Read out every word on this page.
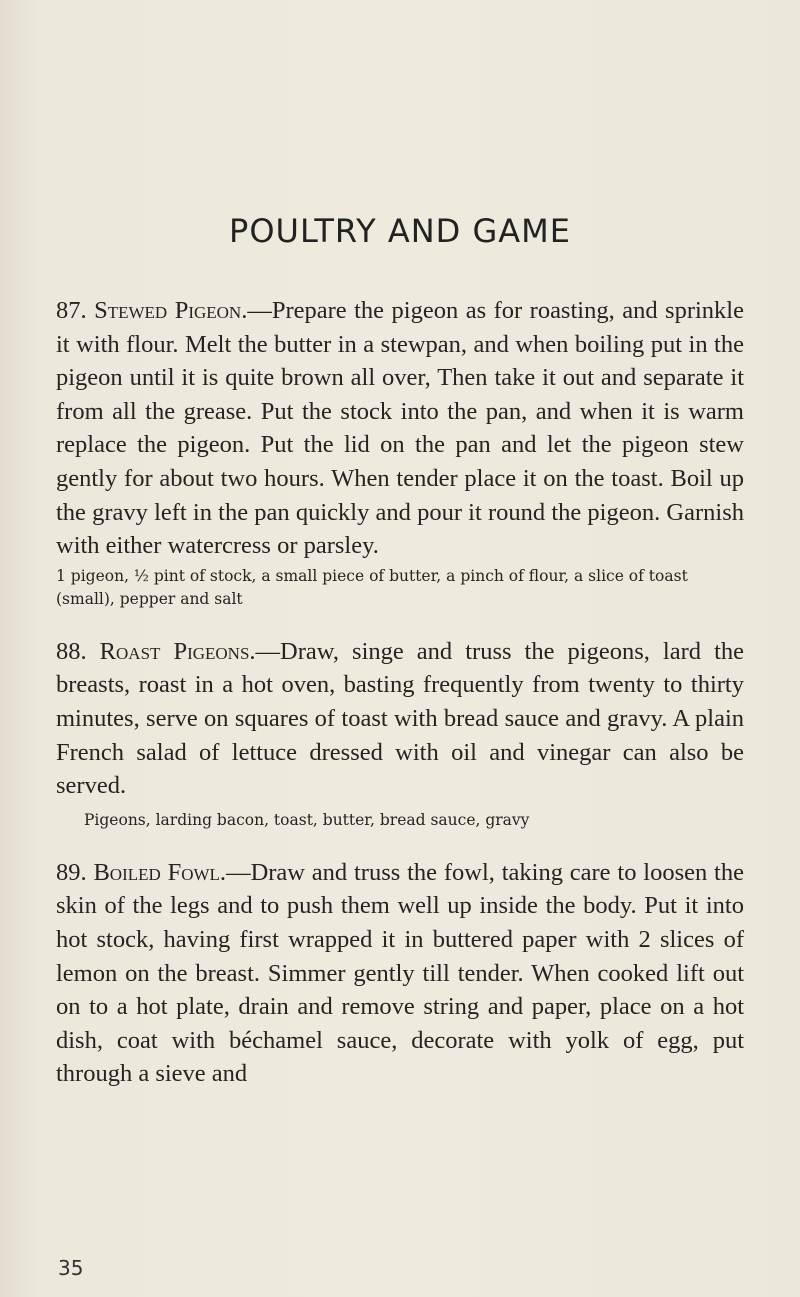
POULTRY AND GAME

87. Stewed Pigeon.—Prepare the pigeon as for roasting, and sprinkle it with flour. Melt the butter in a stewpan, and when boiling put in the pigeon until it is quite brown all over, Then take it out and separate it from all the grease. Put the stock into the pan, and when it is warm replace the pigeon. Put the lid on the pan and let the pigeon stew gently for about two hours. When tender place it on the toast. Boil up the gravy left in the pan quickly and pour it round the pigeon. Garnish with either watercress or parsley.

1 pigeon, ½ pint of stock, a small piece of butter, a pinch of flour, a slice of toast (small), pepper and salt

88. Roast Pigeons.—Draw, singe and truss the pigeons, lard the breasts, roast in a hot oven, basting frequently from twenty to thirty minutes, serve on squares of toast with bread sauce and gravy. A plain French salad of lettuce dressed with oil and vinegar can also be served.

Pigeons, larding bacon, toast, butter, bread sauce, gravy

89. Boiled Fowl.—Draw and truss the fowl, taking care to loosen the skin of the legs and to push them well up inside the body. Put it into hot stock, having first wrapped it in buttered paper with 2 slices of lemon on the breast. Simmer gently till tender. When cooked lift out on to a hot plate, drain and remove string and paper, place on a hot dish, coat with béchamel sauce, decorate with yolk of egg, put through a sieve and

35
